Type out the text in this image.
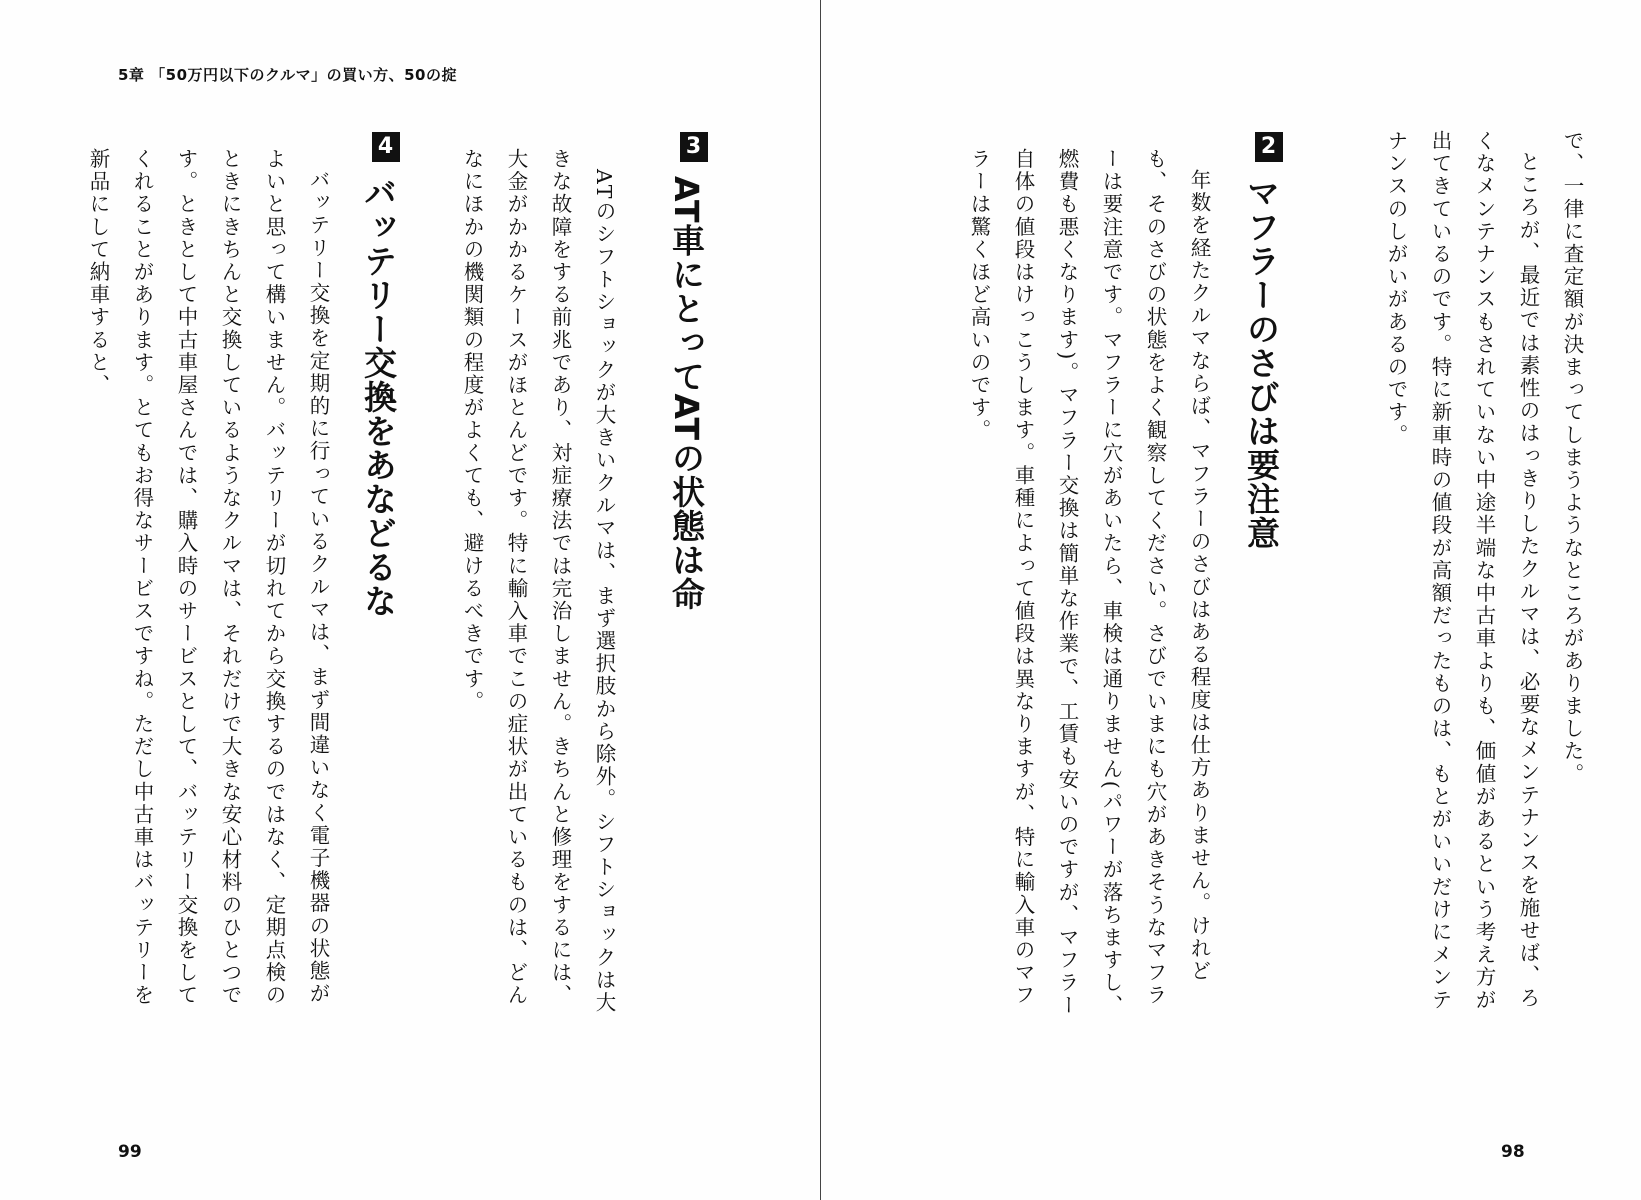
5章 「50万円以下のクルマ」の買い方、50の掟
3
AT車にとってATの状態は命

ATのシフトショックが大きいクルマは、まず選択肢から除外。シフトショックは大きな故障をする前兆であり、対症療法では完治しません。きちんと修理をするには、大金がかかるケースがほとんどです。特に輸入車でこの症状が出ているものは、どんなにほかの機関類の程度がよくても、避けるべきです。

4
バッテリー交換をあなどるな

バッテリー交換を定期的に行っているクルマは、まず間違いなく電子機器の状態がよいと思って構いません。バッテリーが切れてから交換するのではなく、定期点検のときにきちんと交換しているようなクルマは、それだけで大きな安心材料のひとつです。ときとして中古車屋さんでは、購入時のサービスとして、バッテリー交換をしてくれることがあります。とてもお得なサービスですね。ただし中古車はバッテリーを新品にして納車すると、

99

で、一律に査定額が決まってしまうようなところがありました。

ところが、最近では素性のはっきりしたクルマは、必要なメンテナンスを施せば、ろくなメンテナンスもされていない中途半端な中古車よりも、価値があるという考え方が出てきているのです。特に新車時の値段が高額だったものは、もとがいいだけにメンテナンスのしがいがあるのです。

2
マフラーのさびは要注意

年数を経たクルマならば、マフラーのさびはある程度は仕方ありません。けれども、そのさびの状態をよく観察してください。さびでいまにも穴があきそうなマフラーは要注意です。マフラーに穴があいたら、車検は通りません(パワーが落ちますし、燃費も悪くなります)。マフラー交換は簡単な作業で、工賃も安いのですが、マフラー自体の値段はけっこうします。車種によって値段は異なりますが、特に輸入車のマフラーは驚くほど高いのです。

98
